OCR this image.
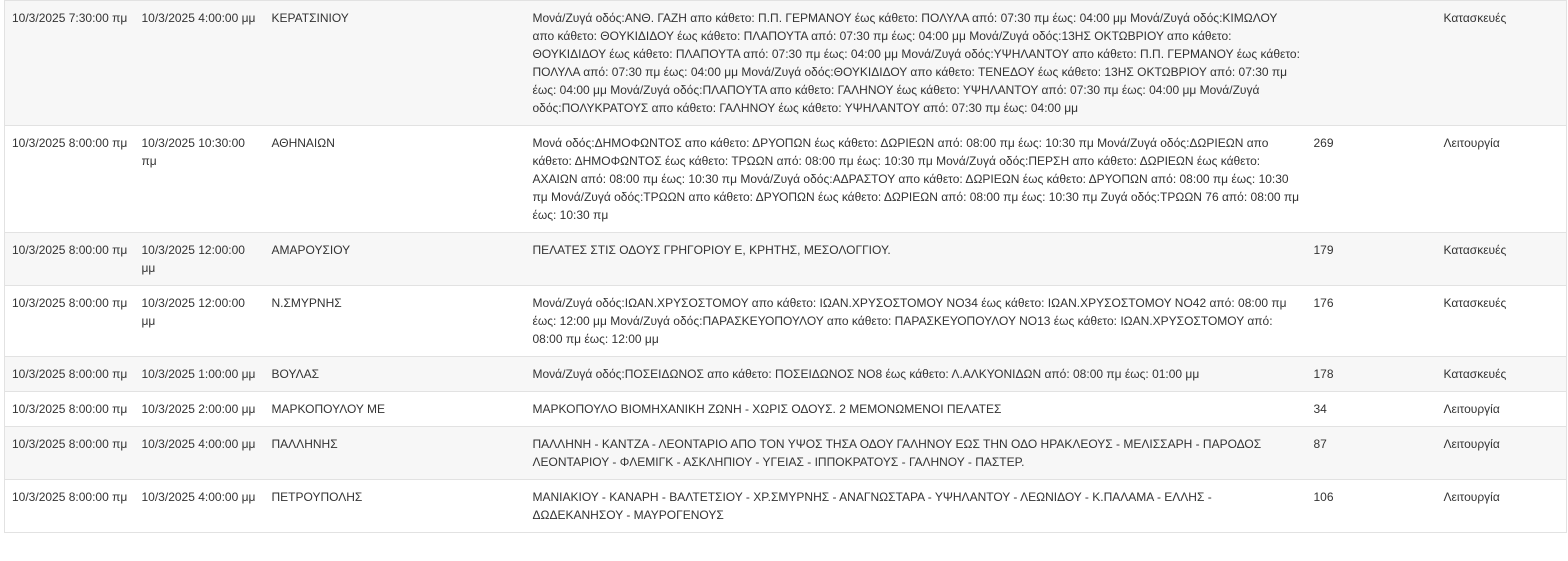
10/3/2025 7:30:00 πμ	10/3/2025 4:00:00 μμ	ΚΕΡΑΤΣΙΝΙΟΥ	Μονά/Ζυγά οδός:ΑΝΘ. ΓΑΖΗ απο κάθετο: Π.Π. ΓΕΡΜΑΝΟΥ έως κάθετο: ΠΟΛΥΛΑ από: 07:30 πμ έως: 04:00 μμ Μονά/Ζυγά οδός:ΚΙΜΩΛΟΥ απο κάθετο: ΘΟΥΚΙΔΙΔΟΥ έως κάθετο: ΠΛΑΠΟΥΤΑ από: 07:30 πμ έως: 04:00 μμ Μονά/Ζυγά οδός:13ΗΣ ΟΚΤΩΒΡΙΟΥ απο κάθετο: ΘΟΥΚΙΔΙΔΟΥ έως κάθετο: ΠΛΑΠΟΥΤΑ από: 07:30 πμ έως: 04:00 μμ Μονά/Ζυγά οδός:ΥΨΗΛΑΝΤΟΥ απο κάθετο: Π.Π. ΓΕΡΜΑΝΟΥ έως κάθετο: ΠΟΛΥΛΑ από: 07:30 πμ έως: 04:00 μμ Μονά/Ζυγά οδός:ΘΟΥΚΙΔΙΔΟΥ απο κάθετο: ΤΕΝΕΔΟΥ έως κάθετο: 13ΗΣ ΟΚΤΩΒΡΙΟΥ από: 07:30 πμ έως: 04:00 μμ Μονά/Ζυγά οδός:ΠΛΑΠΟΥΤΑ απο κάθετο: ΓΑΛΗΝΟΥ έως κάθετο: ΥΨΗΛΑΝΤΟΥ από: 07:30 πμ έως: 04:00 μμ Μονά/Ζυγά οδός:ΠΟΛΥΚΡΑΤΟΥΣ απο κάθετο: ΓΑΛΗΝΟΥ έως κάθετο: ΥΨΗΛΑΝΤΟΥ από: 07:30 πμ έως: 04:00 μμ		Κατασκευές
10/3/2025 8:00:00 πμ	10/3/2025 10:30:00 πμ	ΑΘΗΝΑΙΩΝ	Μονά οδός:ΔΗΜΟΦΩΝΤΟΣ απο κάθετο: ΔΡΥΟΠΩΝ έως κάθετο: ΔΩΡΙΕΩΝ από: 08:00 πμ έως: 10:30 πμ Μονά/Ζυγά οδός:ΔΩΡΙΕΩΝ απο κάθετο: ΔΗΜΟΦΩΝΤΟΣ έως κάθετο: ΤΡΩΩΝ από: 08:00 πμ έως: 10:30 πμ Μονά/Ζυγά οδός:ΠΕΡΣΗ απο κάθετο: ΔΩΡΙΕΩΝ έως κάθετο: ΑΧΑΙΩΝ από: 08:00 πμ έως: 10:30 πμ Μονά/Ζυγά οδός:ΑΔΡΑΣΤΟΥ απο κάθετο: ΔΩΡΙΕΩΝ έως κάθετο: ΔΡΥΟΠΩΝ από: 08:00 πμ έως: 10:30 πμ Μονά/Ζυγά οδός:ΤΡΩΩΝ απο κάθετο: ΔΡΥΟΠΩΝ έως κάθετο: ΔΩΡΙΕΩΝ από: 08:00 πμ έως: 10:30 πμ Ζυγά οδός:ΤΡΩΩΝ 76 από: 08:00 πμ έως: 10:30 πμ	269	Λειτουργία
10/3/2025 8:00:00 πμ	10/3/2025 12:00:00 μμ	ΑΜΑΡΟΥΣΙΟΥ	ΠΕΛΑΤΕΣ ΣΤΙΣ ΟΔΟΥΣ ΓΡΗΓΟΡΙΟΥ Ε, ΚΡΗΤΗΣ, ΜΕΣΟΛΟΓΓΙΟΥ.	179	Κατασκευές
10/3/2025 8:00:00 πμ	10/3/2025 12:00:00 μμ	Ν.ΣΜΥΡΝΗΣ	Μονά/Ζυγά οδός:ΙΩΑΝ.ΧΡΥΣΟΣΤΟΜΟΥ απο κάθετο: ΙΩΑΝ.ΧΡΥΣΟΣΤΟΜΟΥ ΝΟ34 έως κάθετο: ΙΩΑΝ.ΧΡΥΣΟΣΤΟΜΟΥ ΝΟ42 από: 08:00 πμ έως: 12:00 μμ Μονά/Ζυγά οδός:ΠΑΡΑΣΚΕΥΟΠΟΥΛΟΥ απο κάθετο: ΠΑΡΑΣΚΕΥΟΠΟΥΛΟΥ ΝΟ13 έως κάθετο: ΙΩΑΝ.ΧΡΥΣΟΣΤΟΜΟΥ από: 08:00 πμ έως: 12:00 μμ	176	Κατασκευές
10/3/2025 8:00:00 πμ	10/3/2025 1:00:00 μμ	ΒΟΥΛΑΣ	Μονά/Ζυγά οδός:ΠΟΣΕΙΔΩΝΟΣ απο κάθετο: ΠΟΣΕΙΔΩΝΟΣ ΝΟ8 έως κάθετο: Λ.ΑΛΚΥΟΝΙΔΩΝ από: 08:00 πμ έως: 01:00 μμ	178	Κατασκευές
10/3/2025 8:00:00 πμ	10/3/2025 2:00:00 μμ	ΜΑΡΚΟΠΟΥΛΟΥ ΜΕ	ΜΑΡΚΟΠΟΥΛΟ ΒΙΟΜΗΧΑΝΙΚΗ ΖΩΝΗ - ΧΩΡΙΣ ΟΔΟΥΣ. 2 ΜΕΜΟΝΩΜΕΝΟΙ ΠΕΛΑΤΕΣ	34	Λειτουργία
10/3/2025 8:00:00 πμ	10/3/2025 4:00:00 μμ	ΠΑΛΛΗΝΗΣ	ΠΑΛΛΗΝΗ - ΚΑΝΤΖΑ - ΛΕΟΝΤΑΡΙΟ ΑΠΟ ΤΟΝ ΥΨΟΣ ΤΗΣΑ ΟΔΟΥ ΓΑΛΗΝΟΥ ΕΩΣ ΤΗΝ ΟΔΟ ΗΡΑΚΛΕΟΥΣ - ΜΕΛΙΣΣΑΡΗ - ΠΑΡΟΔΟΣ ΛΕΟΝΤΑΡΙΟΥ - ΦΛΕΜΙΓΚ - ΑΣΚΛΗΠΙΟΥ - ΥΓΕΙΑΣ - ΙΠΠΟΚΡΑΤΟΥΣ - ΓΑΛΗΝΟΥ - ΠΑΣΤΕΡ.	87	Λειτουργία
10/3/2025 8:00:00 πμ	10/3/2025 4:00:00 μμ	ΠΕΤΡΟΥΠΟΛΗΣ	ΜΑΝΙΑΚΙΟΥ - ΚΑΝΑΡΗ - ΒΑΛΤΕΤΣΙΟΥ - ΧΡ.ΣΜΥΡΝΗΣ - ΑΝΑΓΝΩΣΤΑΡΑ - ΥΨΗΛΑΝΤΟΥ - ΛΕΩΝΙΔΟΥ - Κ.ΠΑΛΑΜΑ - ΕΛΛΗΣ - ΔΩΔΕΚΑΝΗΣΟΥ - ΜΑΥΡΟΓΕΝΟΥΣ	106	Λειτουργία
